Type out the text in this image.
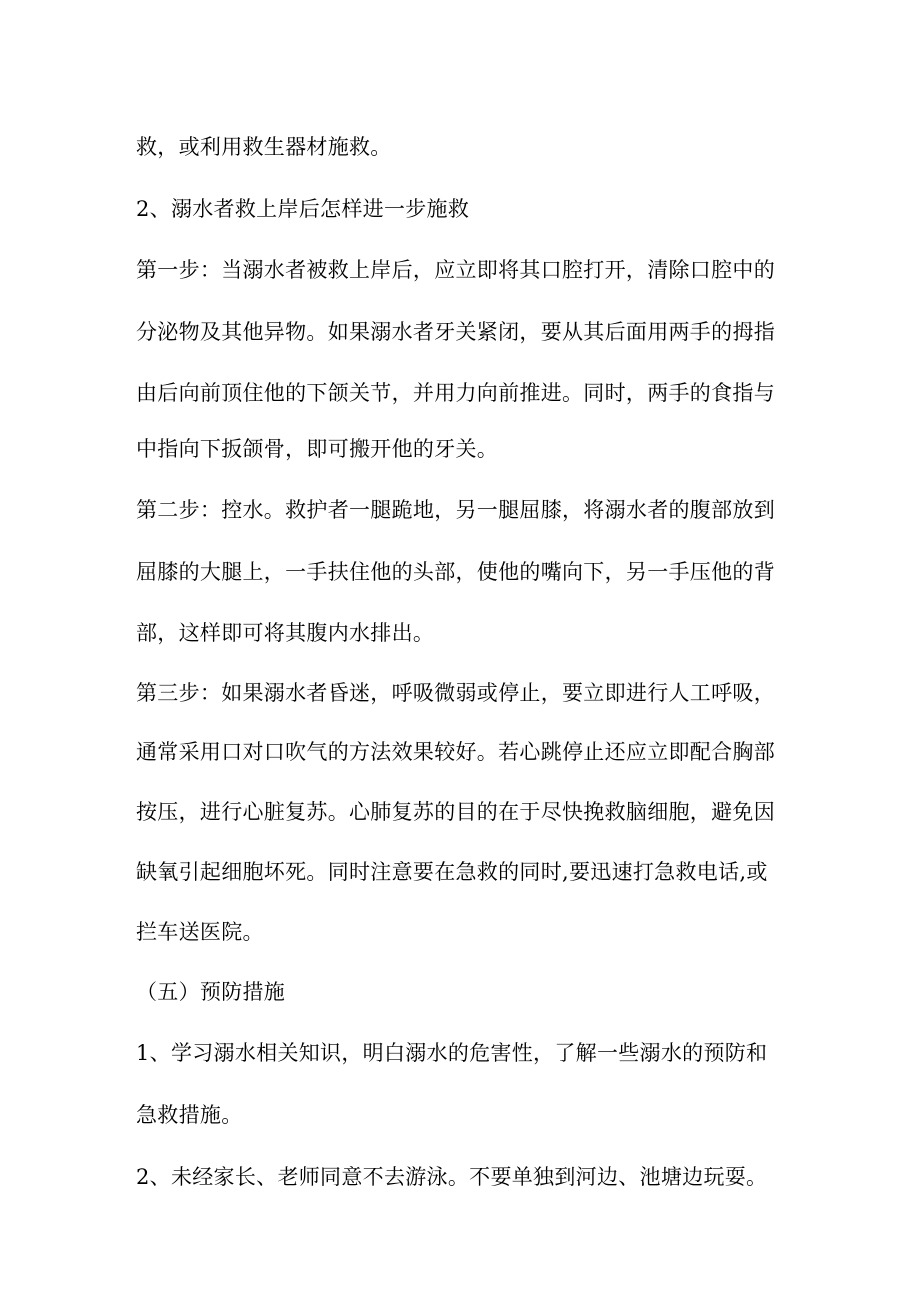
救，或利用救生器材施救。
2、溺水者救上岸后怎样进一步施救
第一步：当溺水者被救上岸后，应立即将其口腔打开，清除口腔中的
分泌物及其他异物。如果溺水者牙关紧闭，要从其后面用两手的拇指
由后向前顶住他的下颌关节，并用力向前推进。同时，两手的食指与
中指向下扳颌骨，即可搬开他的牙关。
第二步：控水。救护者一腿跪地，另一腿屈膝，将溺水者的腹部放到
屈膝的大腿上，一手扶住他的头部，使他的嘴向下，另一手压他的背
部，这样即可将其腹内水排出。
第三步：如果溺水者昏迷，呼吸微弱或停止，要立即进行人工呼吸，
通常采用口对口吹气的方法效果较好。若心跳停止还应立即配合胸部
按压，进行心脏复苏。心肺复苏的目的在于尽快挽救脑细胞，避免因
缺氧引起细胞坏死。同时注意要在急救的同时,要迅速打急救电话,或
拦车送医院。
（五）预防措施
1、学习溺水相关知识，明白溺水的危害性，了解一些溺水的预防和
急救措施。
2、未经家长、老师同意不去游泳。不要单独到河边、池塘边玩耍。
